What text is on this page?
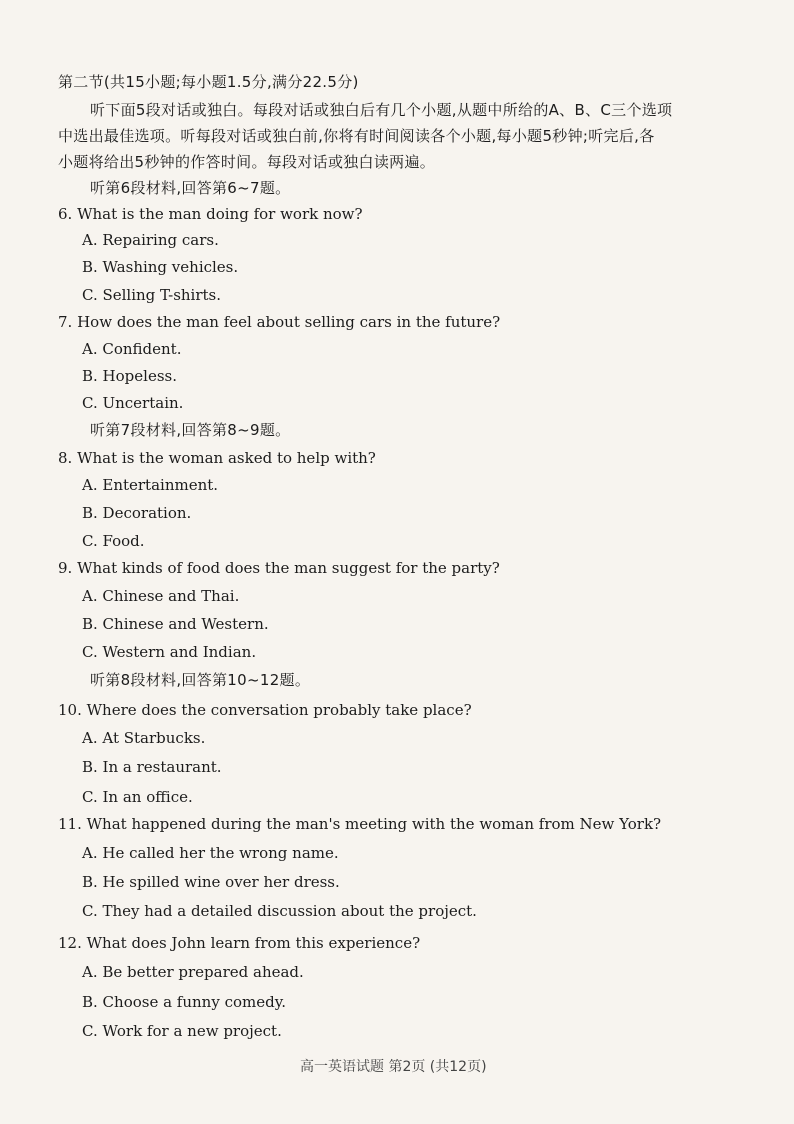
第二节(共15小题;每小题1.5分,满分22.5分)
听下面5段对话或独白。每段对话或独白后有几个小题,从题中所给的A、B、C三个选项
中选出最佳选项。听每段对话或独白前,你将有时间阅读各个小题,每小题5秒钟;听完后,各
小题将给出5秒钟的作答时间。每段对话或独白读两遍。
听第6段材料,回答第6~7题。
6. What is the man doing for work now?
A. Repairing cars.
B. Washing vehicles.
C. Selling T-shirts.
7. How does the man feel about selling cars in the future?
A. Confident.
B. Hopeless.
C. Uncertain.
听第7段材料,回答第8~9题。
8. What is the woman asked to help with?
A. Entertainment.
B. Decoration.
C. Food.
9. What kinds of food does the man suggest for the party?
A. Chinese and Thai.
B. Chinese and Western.
C. Western and Indian.
听第8段材料,回答第10~12题。
10. Where does the conversation probably take place?
A. At Starbucks.
B. In a restaurant.
C. In an office.
11. What happened during the man's meeting with the woman from New York?
A. He called her the wrong name.
B. He spilled wine over her dress.
C. They had a detailed discussion about the project.
12. What does John learn from this experience?
A. Be better prepared ahead.
B. Choose a funny comedy.
C. Work for a new project.
高一英语试题 第2页 (共12页)
